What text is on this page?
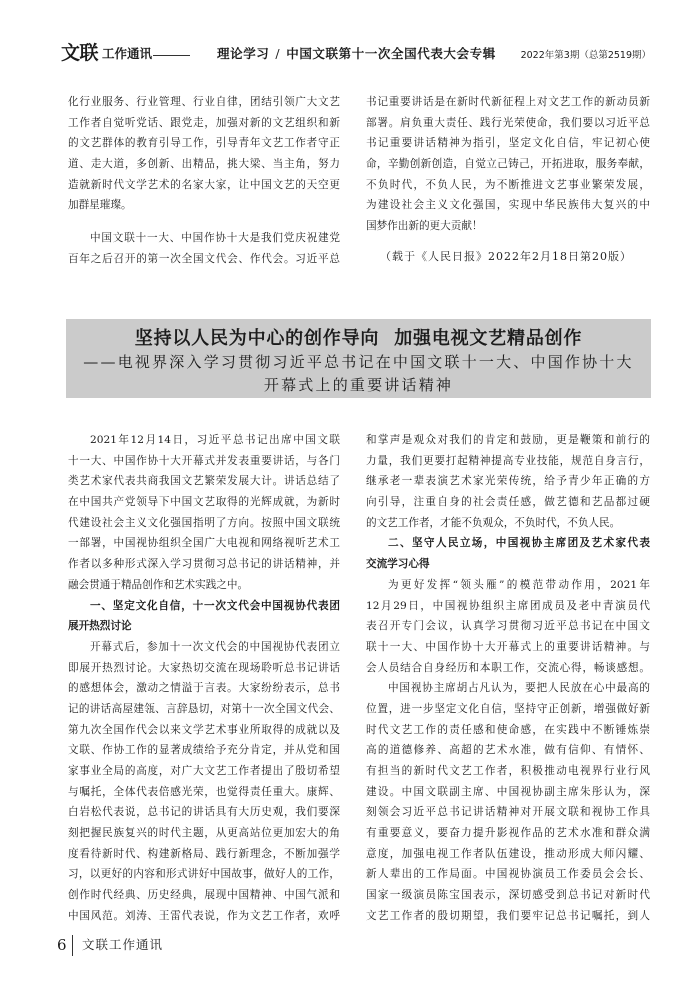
文联 工作通讯	理论学习 / 中国文联第十一次全国代表大会专辑	2022年第3期（总第2519期）
化行业服务、行业管理、行业自律，团结引领广大文艺
工作者自觉听党话、跟党走，加强对新的文艺组织和新
的文艺群体的教育引导工作，引导青年文艺工作者守正
道、走大道，多创新、出精品，挑大梁、当主角，努力
造就新时代文学艺术的名家大家，让中国文艺的天空更
加群星璀璨。
中国文联十一大、中国作协十大是我们党庆祝建党
百年之后召开的第一次全国文代会、作代会。习近平总
书记重要讲话是在新时代新征程上对文艺工作的新动员新
部署。肩负重大责任、践行光荣使命，我们要以习近平总
书记重要讲话精神为指引，坚定文化自信，牢记初心使
命，辛勤创新创造，自觉立己铸己，开拓进取，服务奉献，
不负时代，不负人民，为不断推进文艺事业繁荣发展，
为建设社会主义文化强国，实现中华民族伟大复兴的中
国梦作出新的更大贡献！
（载于《人民日报》2022年2月18日第20版）
坚持以人民为中心的创作导向 加强电视文艺精品创作
——电视界深入学习贯彻习近平总书记在中国文联十一大、中国作协十大
开幕式上的重要讲话精神
2021年12月14日，习近平总书记出席中国文联
十一大、中国作协十大开幕式并发表重要讲话，与各门
类艺术家代表共商我国文艺繁荣发展大计。讲话总结了
在中国共产党领导下中国文艺取得的光辉成就，为新时
代建设社会主义文化强国指明了方向。按照中国文联统
一部署，中国视协组织全国广大电视和网络视听艺术工
作者以多种形式深入学习贯彻习总书记的讲话精神，并
融会贯通于精品创作和艺术实践之中。
一、坚定文化自信，十一次文代会中国视协代表团
展开热烈讨论
开幕式后，参加十一次文代会的中国视协代表团立
即展开热烈讨论。大家热切交流在现场聆听总书记讲话
的感想体会，激动之情溢于言表。大家纷纷表示，总书
记的讲话高屋建瓴、言辞恳切，对第十一次全国文代会、
第九次全国作代会以来文学艺术事业所取得的成就以及
文联、作协工作的显著成绩给予充分肯定，并从党和国
家事业全局的高度，对广大文艺工作者提出了殷切希望
与嘱托，全体代表倍感光荣，也觉得责任重大。康辉、
白岩松代表说，总书记的讲话具有大历史观，我们要深
刻把握民族复兴的时代主题，从更高站位更加宏大的角
度看待新时代、构建新格局、践行新理念，不断加强学
习，以更好的内容和形式讲好中国故事，做好人的工作，
创作时代经典、历史经典，展现中国精神、中国气派和
中国风范。刘涛、王雷代表说，作为文艺工作者，欢呼
和掌声是观众对我们的肯定和鼓励，更是鞭策和前行的
力量，我们更要打起精神提高专业技能，规范自身言行，
继承老一辈表演艺术家光荣传统，给予青少年正确的方
向引导，注重自身的社会责任感，做艺德和艺品都过硬
的文艺工作者，才能不负观众，不负时代，不负人民。
二、坚守人民立场，中国视协主席团及艺术家代表
交流学习心得
为更好发挥“领头雁”的模范带动作用，2021年
12月29日，中国视协组织主席团成员及老中青演员代
表召开专门会议，认真学习贯彻习近平总书记在中国文
联十一大、中国作协十大开幕式上的重要讲话精神。与
会人员结合自身经历和本职工作，交流心得，畅谈感想。
中国视协主席胡占凡认为，要把人民放在心中最高的
位置，进一步坚定文化自信，坚持守正创新，增强做好新
时代文艺工作的责任感和使命感，在实践中不断锤炼崇
高的道德修养、高超的艺术水准，做有信仰、有情怀、
有担当的新时代文艺工作者，积极推动电视界行业行风
建设。中国文联副主席、中国视协副主席朱彤认为，深
刻领会习近平总书记讲话精神对开展文联和视协工作具
有重要意义，要奋力提升影视作品的艺术水准和群众满
意度，加强电视工作者队伍建设，推动形成大师闪耀、
新人辈出的工作局面。中国视协演员工作委员会会长、
国家一级演员陈宝国表示，深切感受到总书记对新时代
文艺工作者的殷切期望，我们要牢记总书记嘱托，到人
6 文联工作通讯
